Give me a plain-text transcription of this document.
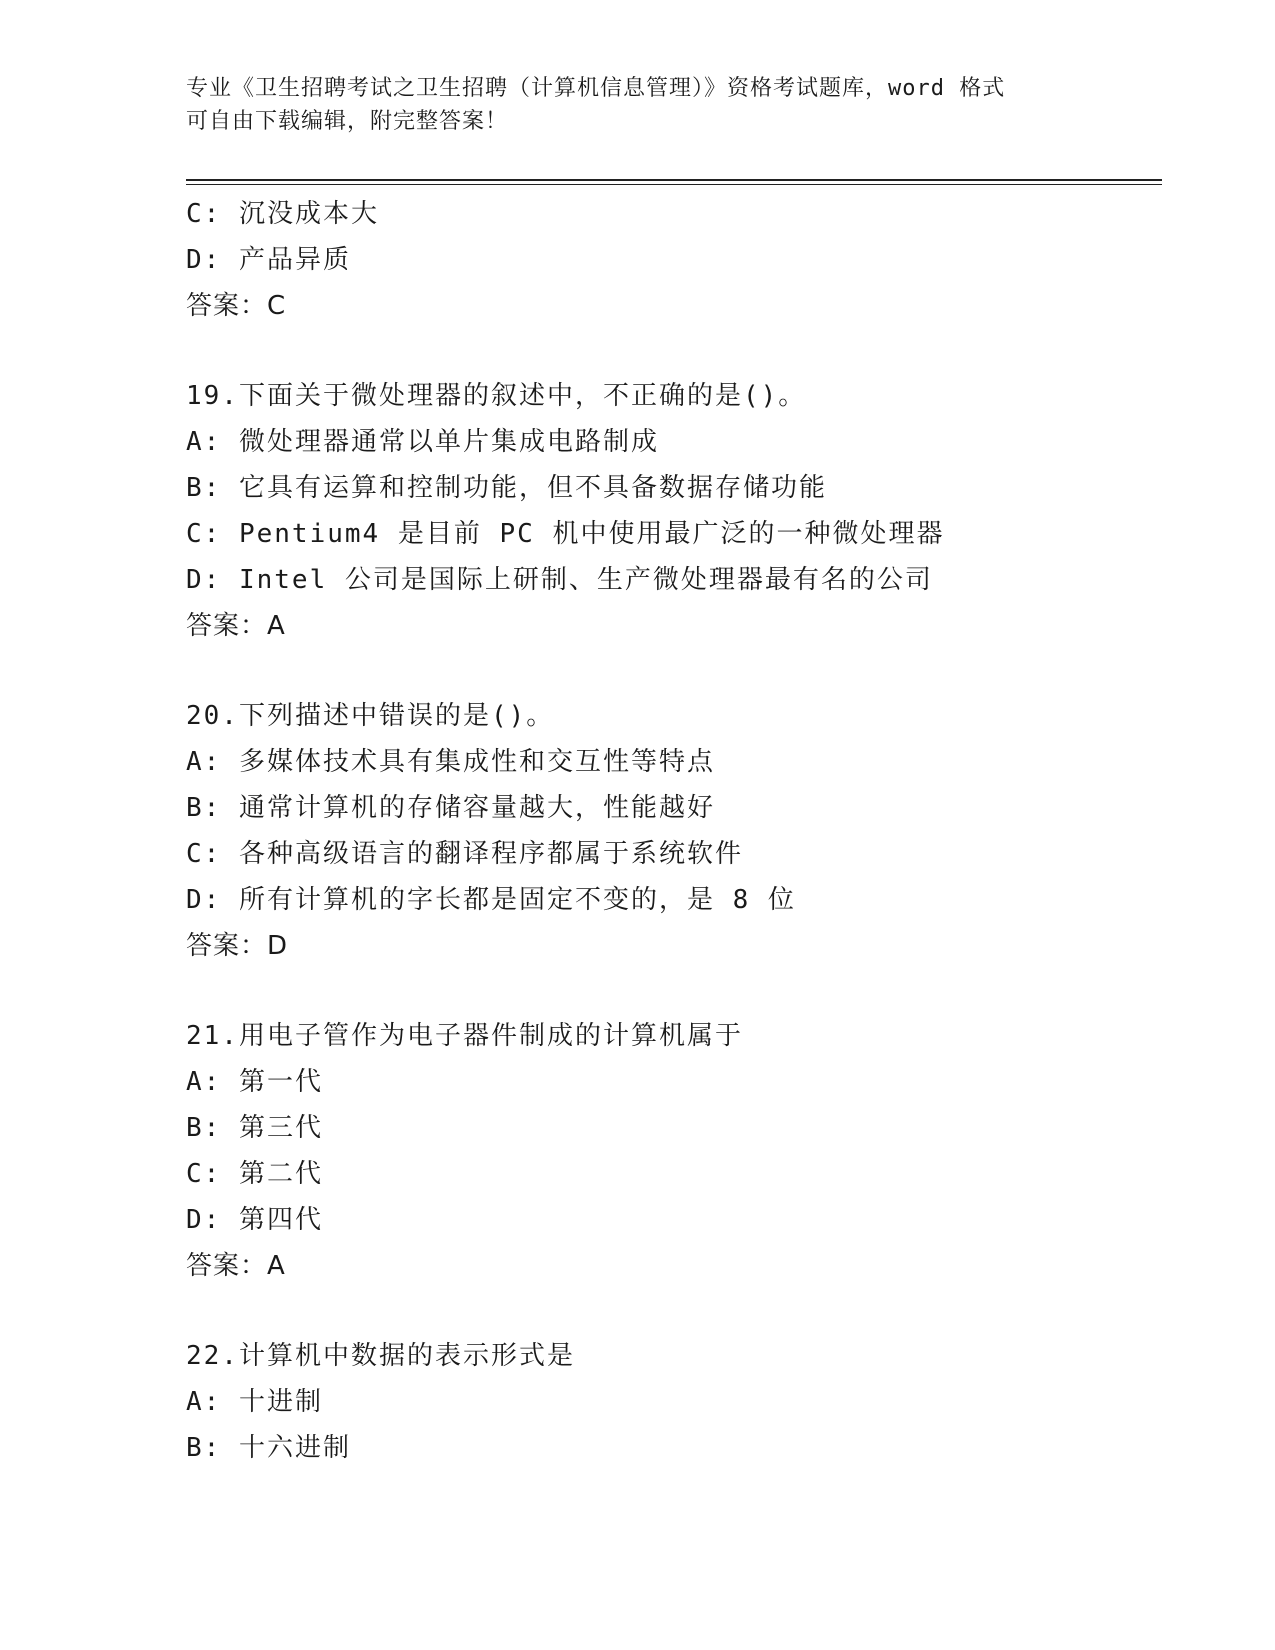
专业《卫生招聘考试之卫生招聘（计算机信息管理）》资格考试题库，word 格式
可自由下载编辑，附完整答案！
C: 沉没成本大
D: 产品异质
答案：C
19.下面关于微处理器的叙述中，不正确的是()。
A: 微处理器通常以单片集成电路制成
B: 它具有运算和控制功能，但不具备数据存储功能
C: Pentium4 是目前 PC 机中使用最广泛的一种微处理器
D: Intel 公司是国际上研制、生产微处理器最有名的公司
答案：A
20.下列描述中错误的是()。
A: 多媒体技术具有集成性和交互性等特点
B: 通常计算机的存储容量越大，性能越好
C: 各种高级语言的翻译程序都属于系统软件
D: 所有计算机的字长都是固定不变的，是 8 位
答案：D
21.用电子管作为电子器件制成的计算机属于
A: 第一代
B: 第三代
C: 第二代
D: 第四代
答案：A
22.计算机中数据的表示形式是
A: 十进制
B: 十六进制
